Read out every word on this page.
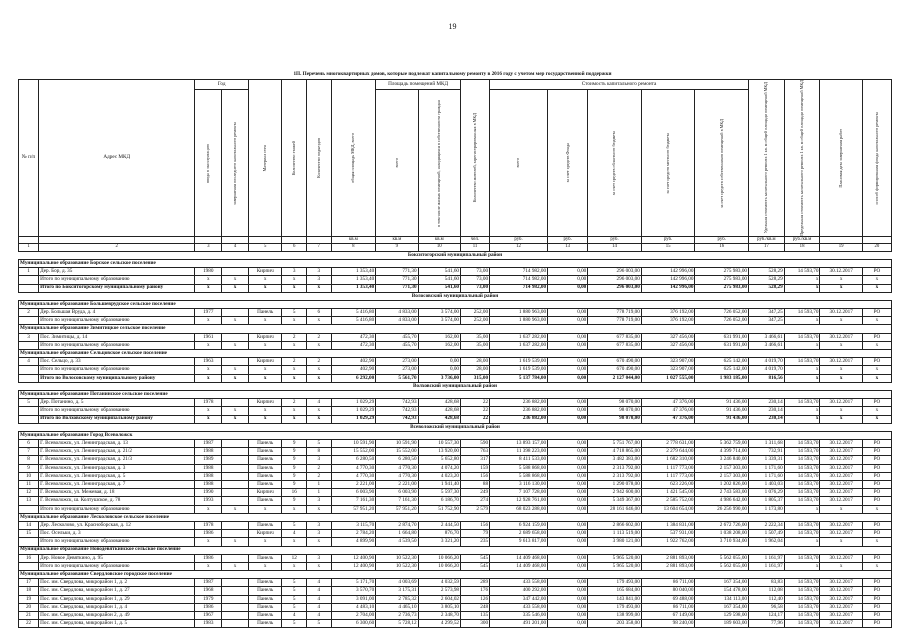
19
1П. Перечень многоквартирных домов, которые подлежат капитальному ремонту в 2016 году с учетом мер государственной поддержки
№ п/п	Адрес МКД	Год		Материал стен	Количество этажей	Количество подъездов	общая площадь МКД, всего	Площадь помещений МКД		Количество жителей, зарегистрированных в МКД	Стоимость капитального ремонта					Удельная стоимость капитального ремонта 1 кв. м общей площади помещений МКД	Предельная стоимость капитального ремонта 1 кв. м общей площади помещений МКД	Плановая дата завершения работ	способ формирования фонда капитального ремонта

		ввода в эксплуатацию	завершения последнего капитального ремонта					всего	в том числе жилых помещений, находящихся в собственности граждан		всего	за счет средств Фонда	за счет средств областного бюджета	за счет средств местного бюджета	за счет средств собственников помещений в МКД				

							кв.м	кв.м	кв.м	чел.	руб.	руб.	руб.	руб.	руб.	руб./кв.м	руб./кв.м		
1	2	3	4	5	6	7	8	9	10	11	12	13	14	15	16	17	18	19	20
Бокситогорский муниципальный район																			
Муниципальное образование Борское сельское поселение																			
1	Дер. Бор, д. 35	1980		Кирпич	3	3	1 353,40	771,30	541,60	73,00	714 982,00	0,00	296 003,00	142 996,00	275 983,00	528,29	14 593,70	30.12.2017	РО
	Итого по муниципальному образованию	х	х	х	х	3	1 353,40	771,30	541,60	73,00	714 982,00	0,00	296 003,00	142 996,00	275 983,00	528,29	х	х	х
	Итого по Бокситогорскому муниципальному району	х	х	х	х	х	1 353,40	771,30	541,60	73,00	714 982,00	0,00	296 003,00	142 996,00	275 983,00	528,29	х	х	х
Волосовский муниципальный район																			
Муниципальное образование Большеврудское сельское поселение																			
2	Дер. Большая Вруда, д. 4	1977		Панель	5	6	5 416,80	4 833,00	3 574,00	252,00	1 880 963,00	0,00	778 719,00	376 192,00	726 052,00	347,25	14 593,70	30.12.2017	РО
	Итого по муниципальному образованию	х	х	х	х	х	5 416,80	4 833,00	3 574,00	252,00	1 880 963,00	0,00	778 719,00	376 192,00	726 052,00	347,25	х	х	х
Муниципальное образование Зимитицкое сельское поселение																			
3	Пос. Зимитицы, д. 14	1961		Кирпич	2	2	472,30	455,70	162,00	35,00	1 637 282,00	0,00	677 835,00	327 456,00	631 991,00	3 466,61	14 593,70	30.12.2017	РО
	Итого по муниципальному образованию	х	х	х	х	х	472,30	455,70	162,00	35,00	1 637 282,00	0,00	677 835,00	327 456,00	631 991,00	3 466,61	х	х	х
Муниципальное образование Сельцовское сельское поселение																			
4	Пос. Сельцо, д. 33	1963		Кирпич	2	2	402,90	273,00	0,00	28,00	1 619 539,00	0,00	670 490,00	323 907,00	625 142,00	4 019,70	14 593,70	30.12.2017	РО
	Итого по муниципальному образованию	х	х	х	х	х	402,90	273,00	0,00	28,00	1 619 539,00	0,00	670 490,00	323 907,00	625 142,00	4 019,70	х	х	х
	Итого по Волосовскому муниципальному району	х	х	х	х	х	6 292,00	5 561,70	3 736,00	315,00	5 137 784,00	0,00	2 127 044,00	1 027 555,00	1 983 185,00	816,56	х	х	х
Волховский муниципальный район																			
Муниципальное образование Потанинское сельское поселение																			
5	Дер. Потанино, д. 5	1978		Кирпич	2	4	1 029,29	742,93	428,68	22	236 882,00	0,00	98 070,00	47 376,00	91 436,00	230,14	14 593,70	30.12.2017	РО
	Итого по муниципальному образованию	х	х	х	х	х	1 029,29	742,93	428,68	22	236 882,00	0,00	98 070,00	47 376,00	91 436,00	230,14	х	х	х
	Итого по Волховскому муниципальному району	х	х	х	х	х	1 029,29	742,93	428,68	22	236 882,00	0,00	98 070,00	47 376,00	91 436,00	230,14	х	х	х
Всеволожский муниципальный район																			
Муниципальное образование Город Всеволожск																			
6	Г. Всеволожск, ул. Ленинградская, д. 13	1987		Панель	9	5	10 591,90	10 591,90	10 557,30	590	13 893 157,00	0,00	5 751 767,00	2 778 631,00	5 362 759,00	1 311,68	14 593,70	30.12.2017	РО
7	Г. Всеволожск, ул. Ленинградская, д. 21/2	1988		Панель	9	8	15 552,00	15 552,00	13 920,00	763	11 398 223,00	0,00	4 718 865,00	2 279 644,00	4 399 714,00	732,91	14 593,70	30.12.2017	РО
8	Г. Всеволожск, ул. Ленинградская, д. 21/3	1989		Панель	9	3	6 280,50	6 280,50	5 652,80	317	8 411 533,00	0,00	3 482 383,00	1 682 310,00	3 246 840,00	1 339,31	14 593,70	30.12.2017	РО
9	Г. Всеволожск, ул. Ленинградская, д. 3	1988		Панель	9	2	4 770,30	4 770,30	4 074,20	159	5 588 868,00	0,00	2 313 792,00	1 117 773,00	2 157 303,00	1 171,60	14 593,70	30.12.2017	РО
10	Г. Всеволожск, ул. Ленинградская, д. 5	1988		Панель	9	2	4 770,30	4 770,30	4 023,20	156	5 588 868,00	0,00	2 313 792,00	1 117 773,00	2 157 303,00	1 171,60	14 593,70	30.12.2017	РО
11	Г. Всеволожск, ул. Ленинградская, д. 7	1988		Панель	9	1	2 221,00	2 221,00	1 941,40	88	3 116 130,00	0,00	1 290 078,00	623 226,00	1 202 826,00	1 403,03	14 593,70	30.12.2017	РО
12	Г. Всеволожск, ул. Межевая, д. 18	1990		Кирпич	16	1	6 003,90	6 003,90	5 597,30	249	7 107 728,00	0,00	2 942 600,00	1 421 545,00	2 743 583,00	1 076,29	14 593,70	30.12.2017	РО
13	Г. Всеволожск, ш. Колтушское, д. 78	1993		Панель	9	3	7 161,30	7 161,30	6 186,70	274	12 928 761,00	0,00	5 349 367,00	2 585 752,00	4 986 642,00	1 805,37	14 593,70	30.12.2017	РО
	Итого по муниципальному образованию	х	х	х	х	х	57 951,20	57 951,20	51 752,90	2 579	68 023 288,00	0,00	28 161 646,00	13 604 654,00	26 256 990,00	1 173,80	х	х	х
Муниципальное образование Лесколовское сельское поселение																			
14	Дер. Лесколово, ул. Красноборская, д. 12	1978		Панель	5	3	3 115,70	2 874,70	2 444,50	156	6 924 159,00	0,00	2 866 602,00	1 384 831,00	2 672 726,00	2 222,34	14 593,70	30.12.2017	РО
15	Пос. Осельки, д. 3	1986		Кирпич	4	3	2 784,20	1 664,80	876,70	79	2 689 658,00	0,00	1 113 519,00	537 931,00	1 038 208,00	1 507,49	14 593,70	30.12.2017	РО
	Итого по муниципальному образованию	х	х	х	х	х	4 899,90	4 539,50	3 321,20	235	9 613 817,00	0,00	3 980 121,00	1 922 762,00	3 710 934,00	1 962,04	х	х	х
Муниципальное образование Новодевяткинское сельское поселение																			
16	Дер. Новое Девяткино, д. 95	1986		Панель	12	3	12 400,90	10 522,30	10 066,20	545	14 409 468,00	0,00	5 965 520,00	2 881 893,00	5 562 055,00	1 161,97	14 593,70	30.12.2017	РО
	Итого по муниципальному образованию	х	х	х	х	х	12 400,90	10 522,30	10 066,20	545	14 409 468,00	0,00	5 965 520,00	2 881 893,00	5 562 055,00	1 161,97	х	х	х
Муниципальное образование Свердловское городское поселение																			
17	Пос. им. Свердлова, микрорайон 1, д. 2	1987		Панель	5	4	5 171,70	4 003,69	4 032,59	289	433 558,00	0,00	179 493,00	86 711,00	167 354,00	83,83	14 593,70	30.12.2017	РО
18	Пос. им. Свердлова, микрорайон 1, д. 27	1968		Панель	5	4	3 570,70	3 175,31	2 573,98	176	400 292,00	0,00	165 684,00	80 040,00	154 478,00	112,08	14 593,70	30.12.2017	РО
19	Пос. им. Свердлова, микрорайон 1, д. 29	1979		Панель	5	4	3 091,00	2 785,32	2 604,02	126	347 442,00	0,00	143 841,00	69 488,00	134 113,00	112,40	14 593,70	30.12.2017	РО
20	Пос. им. Свердлова, микрорайон 1, д. 4	1986		Панель	5	4	4 483,10	4 465,10	3 805,10	248	433 558,00	0,00	179 493,00	86 711,00	167 354,00	96,58	14 593,70	30.12.2017	РО
21	Пос. им. Свердлова, микрорайон 2, д. 49	1967		Панель	4	4	2 704,00	2 736,73	2 348,70	135	335 546,00	0,00	138 999,00	67 149,00	129 598,00	124,17	14 593,70	30.12.2017	РО
22	Пос. им. Свердлова, микрорайон 1, д. 5	1983		Панель	5	5	6 300,60	5 728,12	4 299,52	300	491 201,00	0,00	203 358,00	98 240,00	189 603,00	77,96	14 593,70	30.12.2017	РО
